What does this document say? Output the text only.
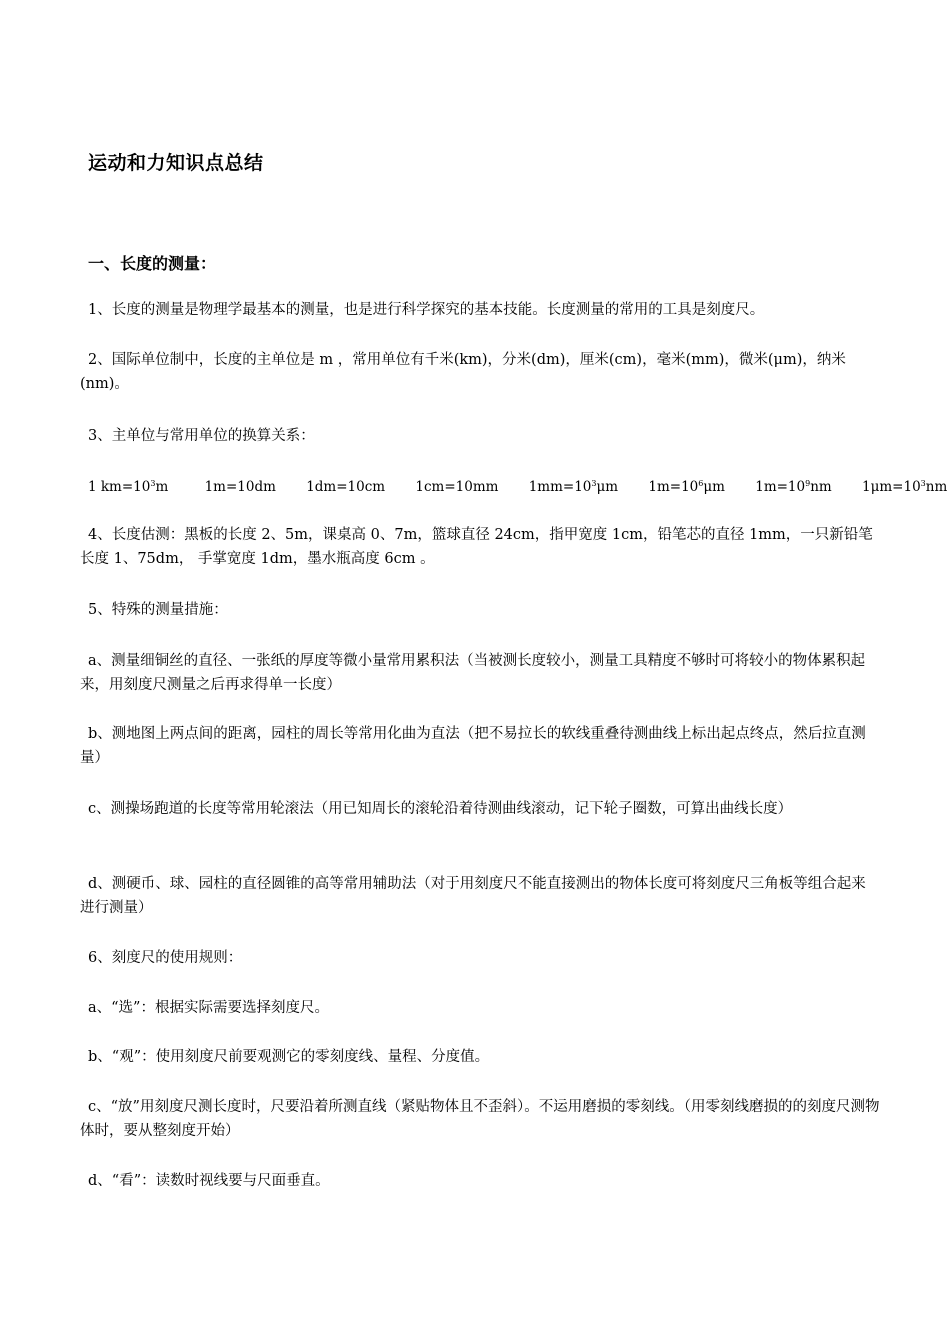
运动和力知识点总结
一、长度的测量：

1、长度的测量是物理学最基本的测量，也是进行科学探究的基本技能。长度测量的常用的工具是刻度尺。

2、国际单位制中，长度的主单位是 m ，常用单位有千米(km)，分米(dm)，厘米(cm)，毫米(mm)，微米(μm)，纳米(nm)。

3、主单位与常用单位的换算关系：

1 $km=10^3m$	1m=10dm 1dm=10cm 1cm=10mm $1mm=10^3\mu m$ $1m=10^6\mu m$ $1m=10^9nm$ $1\mu m=10^3nm$

4、长度估测：黑板的长度 2、5m，课桌高 0、7m，篮球直径 24cm，指甲宽度 1cm，铅笔芯的直径 1mm，一只新铅笔长度 1、75dm， 手掌宽度 1dm，墨水瓶高度 6cm 。

5、特殊的测量措施：

a、测量细铜丝的直径、一张纸的厚度等微小量常用累积法（当被测长度较小，测量工具精度不够时可将较小的物体累积起来，用刻度尺测量之后再求得单一长度）

b、测地图上两点间的距离，园柱的周长等常用化曲为直法（把不易拉长的软线重叠待测曲线上标出起点终点，然后拉直测量）

c、测操场跑道的长度等常用轮滚法（用已知周长的滚轮沿着待测曲线滚动，记下轮子圈数，可算出曲线长度）

d、测硬币、球、园柱的直径圆锥的高等常用辅助法（对于用刻度尺不能直接测出的物体长度可将刻度尺三角板等组合起来进行测量）

6、刻度尺的使用规则：

a、“选”：根据实际需要选择刻度尺。

b、“观”：使用刻度尺前要观测它的零刻度线、量程、分度值。

c、“放”用刻度尺测长度时，尺要沿着所测直线（紧贴物体且不歪斜）。不运用磨损的零刻线。（用零刻线磨损的的刻度尺测物体时，要从整刻度开始）

d、“看”：读数时视线要与尺面垂直。
